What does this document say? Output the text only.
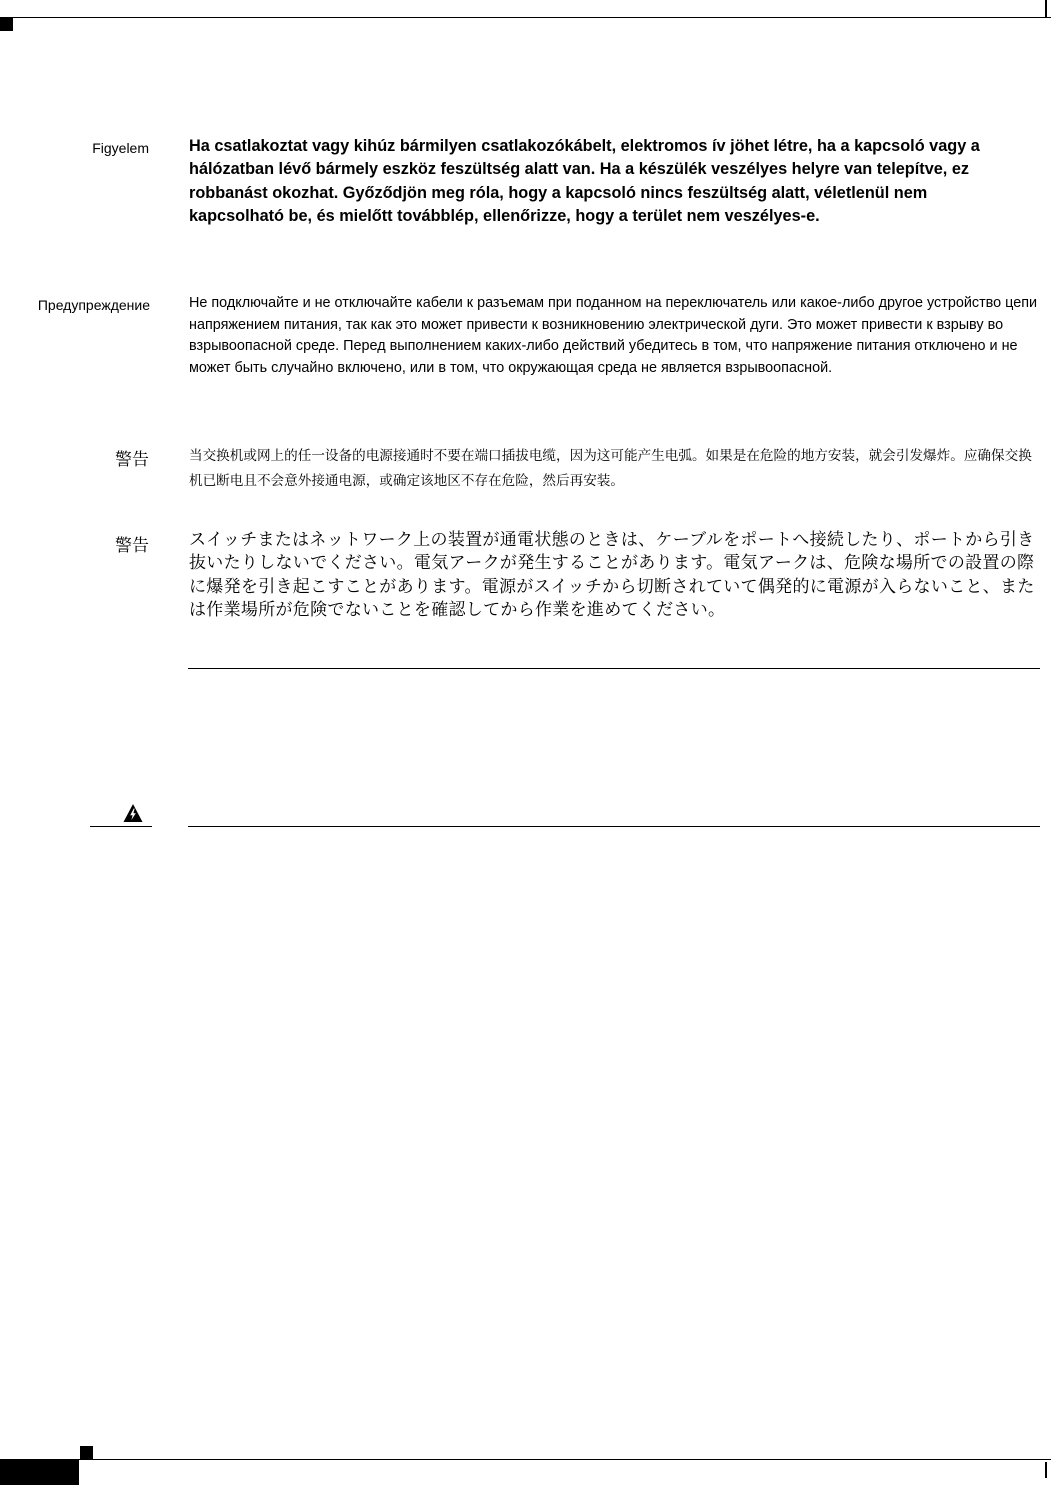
Figyelem Ha csatlakoztat vagy kihúz bármilyen csatlakozókábelt, elektromos ív jöhet létre, ha a kapcsoló vagy a hálózatban lévő bármely eszköz feszültség alatt van. Ha a készülék veszélyes helyre van telepítve, ez robbanást okozhat. Győződjön meg róla, hogy a kapcsoló nincs feszültség alatt, véletlenül nem kapcsolható be, és mielőtt továbblép, ellenőrizze, hogy a terület nem veszélyes-e.

Предупреждение	Не подключайте и не отключайте кабели к разъемам при поданном на переключатель или какое-либо другое устройство цепи напряжением питания, так как это может привести к возникновению электрической дуги. Это может привести к взрыву во взрывоопасной среде. Перед выполнением каких-либо действий убедитесь в том, что напряжение питания отключено и не может быть случайно включено, или в том, что окружающая среда не является взрывоопасной.

警告	当交换机或网上的任一设备的电源接通时不要在端口插拔电缆，因为这可能产生电弧。如果是在危险的地方安装，就会引发爆炸。应确保交换机已断电且不会意外接通电源，或确定该地区不存在危险，然后再安装。

警告 スイッチまたはネットワーク上の装置が通電状態のときは、ケーブルをポートへ接続したり、ポートから引き抜いたりしないでください。電気アークが発生することがあります。電気アークは、危険な場所での設置の際に爆発を引き起こすことがあります。電源がスイッチから切断されていて偶発的に電源が入らないこと、または作業場所が危険でないことを確認してから作業を進めてください。
